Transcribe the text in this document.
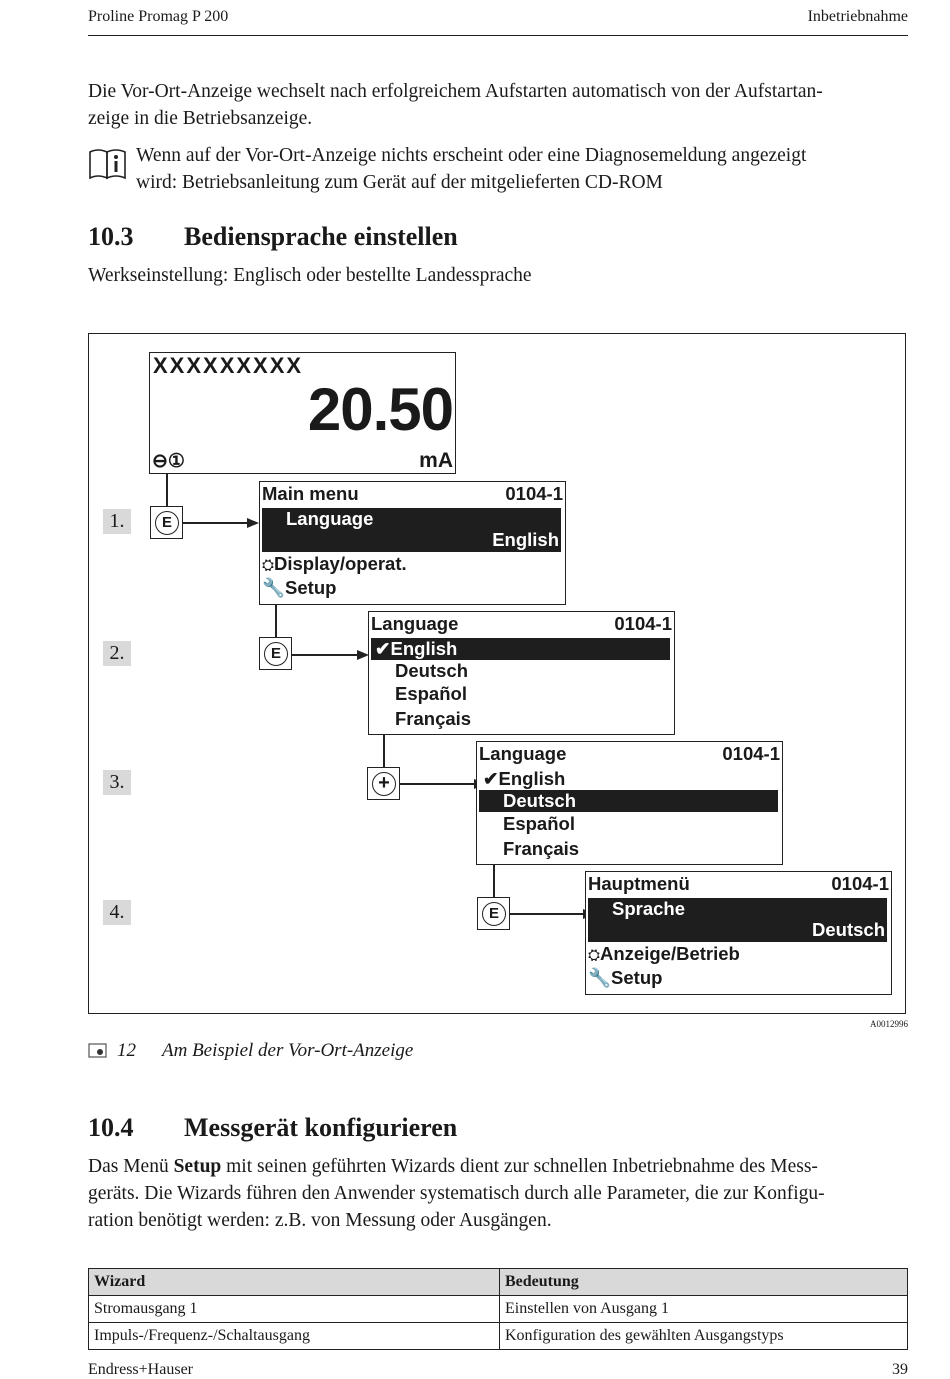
Proline Promag P 200	Inbetriebnahme
Die Vor-Ort-Anzeige wechselt nach erfolgreichem Aufstarten automatisch von der Aufstartan-
zeige in die Betriebsanzeige.
Wenn auf der Vor-Ort-Anzeige nichts erscheint oder eine Diagnosemeldung angezeigt
wird: Betriebsanleitung zum Gerät auf der mitgelieferten CD-ROM
10.3 Bediensprache einstellen
Werkseinstellung: Englisch oder bestellte Landessprache
XXXXXXXXX
20.50
⊖①	mA
1.
2.
3.
4.
E
E
+
E
Main menu	0104-1
Language
English
⛭Display/operat.
🔧Setup
Language	0104-1
✔English
Deutsch
Español
Français
Language	0104-1
✔English
Deutsch
Español
Français
Hauptmenü	0104-1
Sprache
Deutsch
⛭Anzeige/Betrieb
🔧Setup
A0012996
12 Am Beispiel der Vor-Ort-Anzeige
10.4 Messgerät konfigurieren
Das Menü Setup mit seinen geführten Wizards dient zur schnellen Inbetriebnahme des Mess-
geräts. Die Wizards führen den Anwender systematisch durch alle Parameter, die zur Konfigu-
ration benötigt werden: z.B. von Messung oder Ausgängen.
Wizard	Bedeutung
Stromausgang 1	Einstellen von Ausgang 1
Impuls-/Frequenz-/Schaltausgang	Konfiguration des gewählten Ausgangstyps
Endress+Hauser	39
